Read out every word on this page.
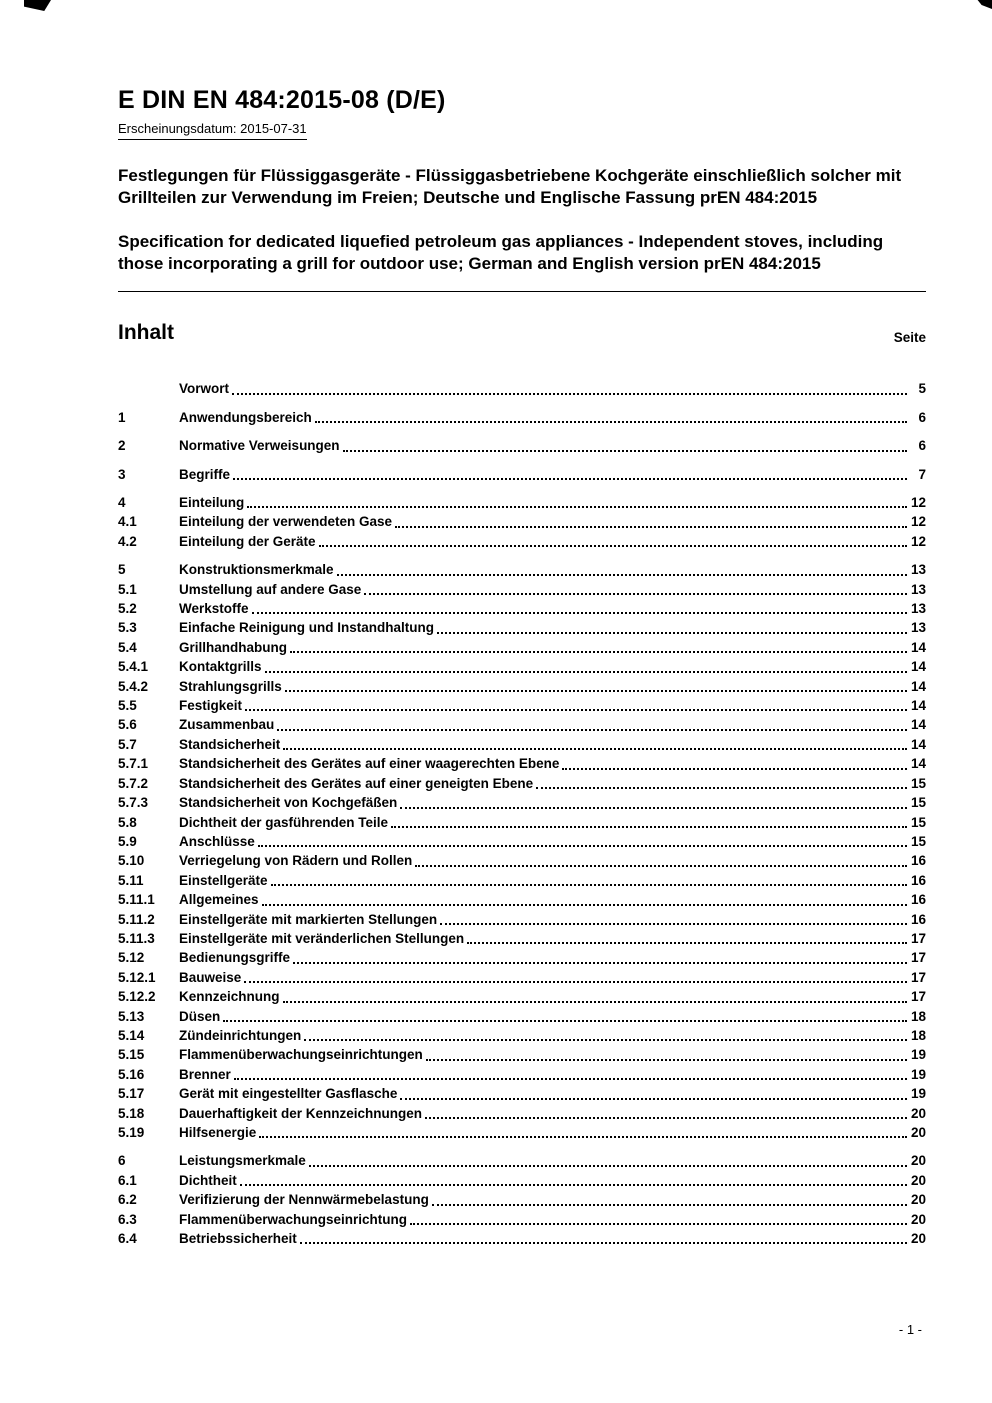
E DIN EN 484:2015-08 (D/E)
Erscheinungsdatum: 2015-07-31

Festlegungen für Flüssiggasgeräte - Flüssiggasbetriebene Kochgeräte einschließlich solcher mit Grillteilen zur Verwendung im Freien; Deutsche und Englische Fassung prEN 484:2015

Specification for dedicated liquefied petroleum gas appliances - Independent stoves, including those incorporating a grill for outdoor use; German and English version prEN 484:2015

Inhalt	Seite
Vorwort	5
1	Anwendungsbereich	6
2	Normative Verweisungen	6
3	Begriffe	7
4	Einteilung	12
4.1	Einteilung der verwendeten Gase	12
4.2	Einteilung der Geräte	12
5	Konstruktionsmerkmale	13
5.1	Umstellung auf andere Gase	13
5.2	Werkstoffe	13
5.3	Einfache Reinigung und Instandhaltung	13
5.4	Grillhandhabung	14
5.4.1	Kontaktgrills	14
5.4.2	Strahlungsgrills	14
5.5	Festigkeit	14
5.6	Zusammenbau	14
5.7	Standsicherheit	14
5.7.1	Standsicherheit des Gerätes auf einer waagerechten Ebene	14
5.7.2	Standsicherheit des Gerätes auf einer geneigten Ebene	15
5.7.3	Standsicherheit von Kochgefäßen	15
5.8	Dichtheit der gasführenden Teile	15
5.9	Anschlüsse	15
5.10	Verriegelung von Rädern und Rollen	16
5.11	Einstellgeräte	16
5.11.1	Allgemeines	16
5.11.2	Einstellgeräte mit markierten Stellungen	16
5.11.3	Einstellgeräte mit veränderlichen Stellungen	17
5.12	Bedienungsgriffe	17
5.12.1	Bauweise	17
5.12.2	Kennzeichnung	17
5.13	Düsen	18
5.14	Zündeinrichtungen	18
5.15	Flammenüberwachungseinrichtungen	19
5.16	Brenner	19
5.17	Gerät mit eingestellter Gasflasche	19
5.18	Dauerhaftigkeit der Kennzeichnungen	20
5.19	Hilfsenergie	20
6	Leistungsmerkmale	20
6.1	Dichtheit	20
6.2	Verifizierung der Nennwärmebelastung	20
6.3	Flammenüberwachungseinrichtung	20
6.4	Betriebssicherheit	20
- 1 -
